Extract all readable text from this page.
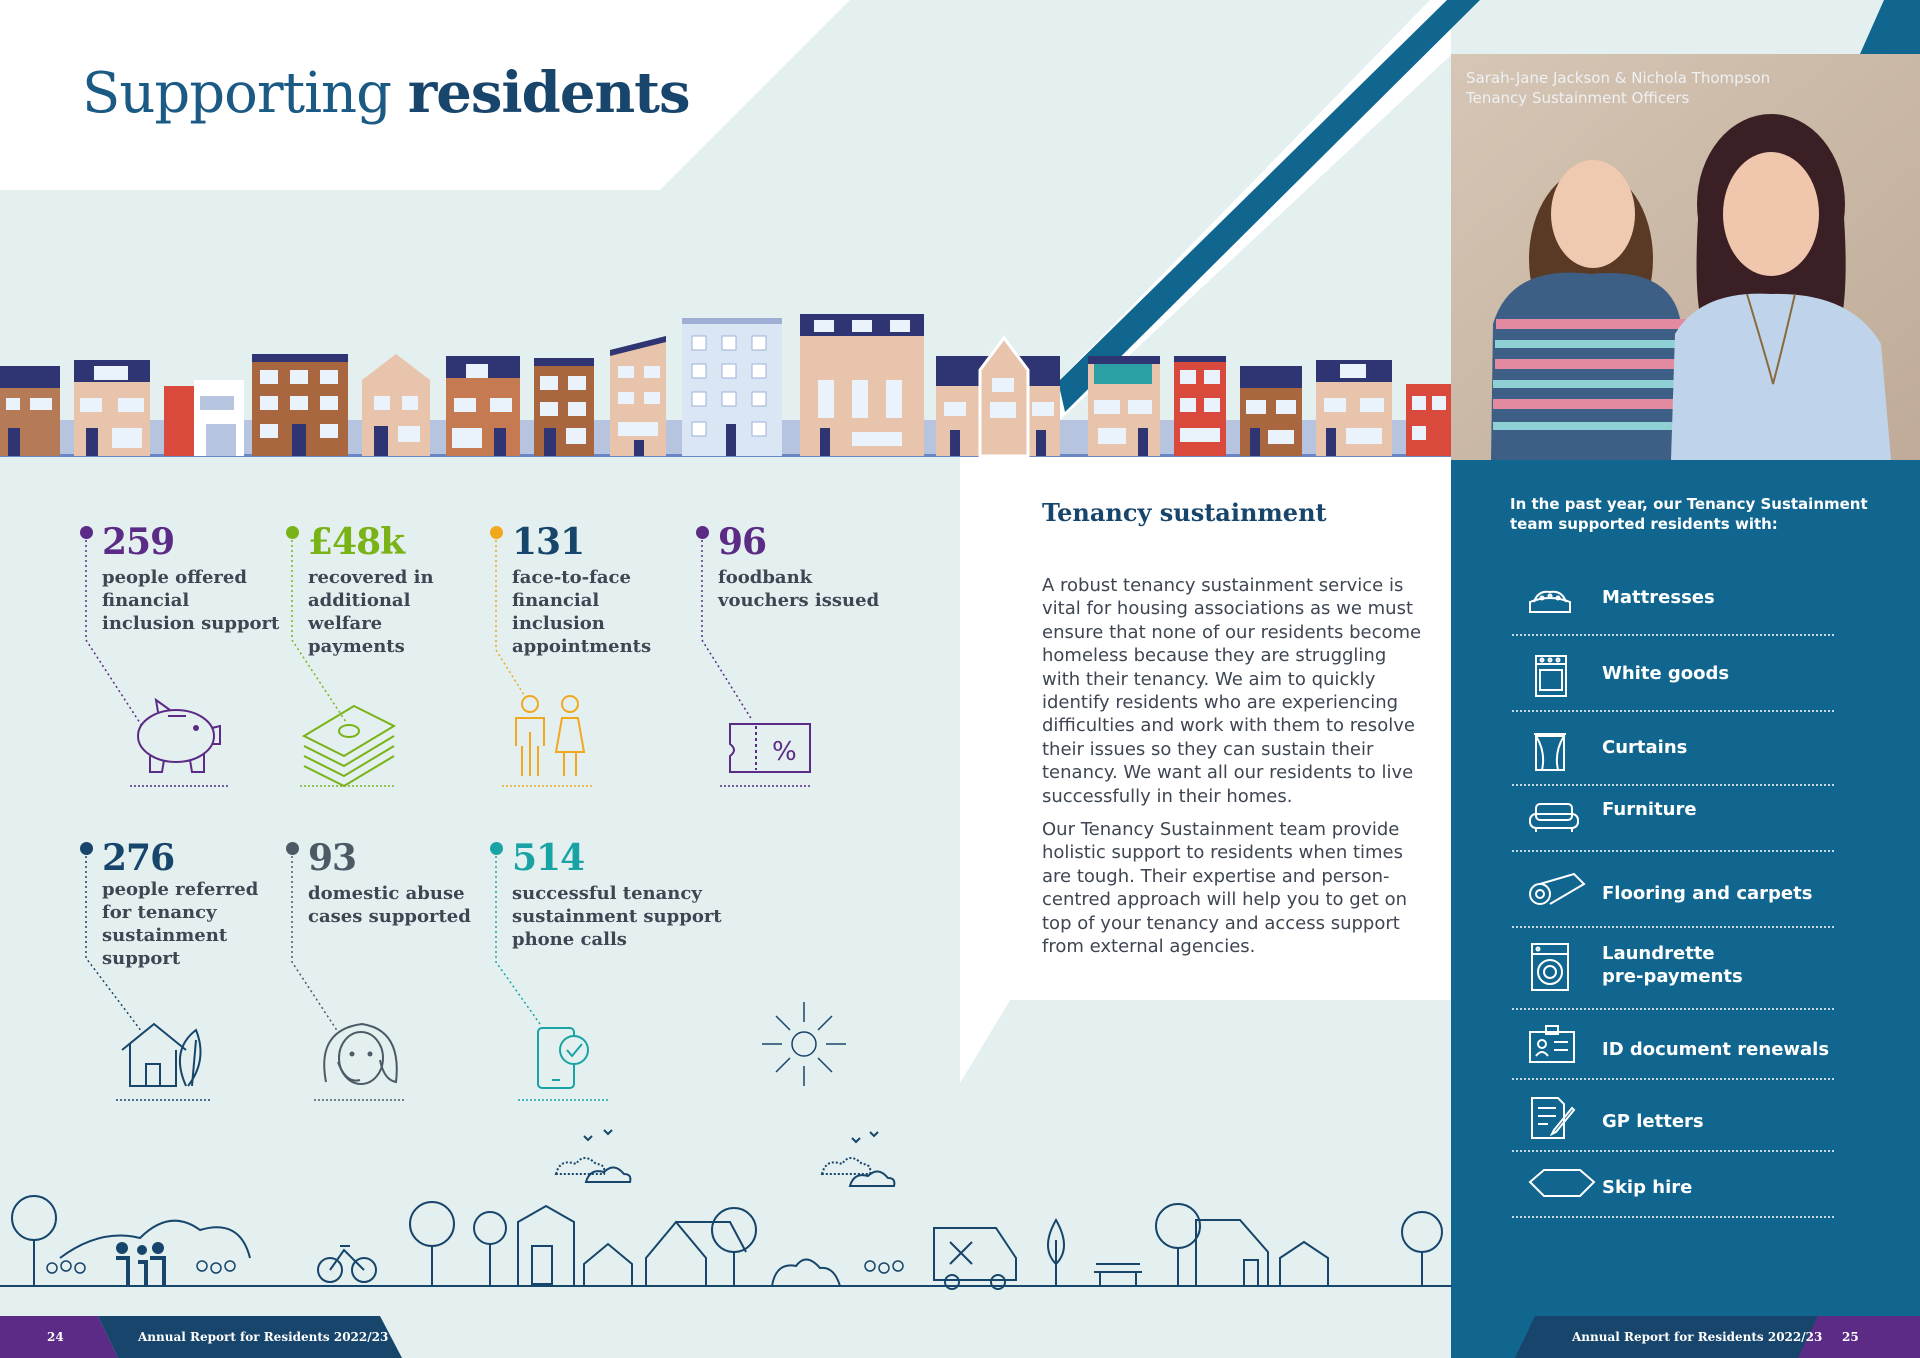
Supporting residents	Sarah-Jane Jackson & Nichola Thompson
Tenancy Sustainment Officers
259
people offered
financial
inclusion support
£48k
recovered in
additional
welfare
payments
131
face-to-face
financial
inclusion
appointments
96
foodbank
vouchers issued
276
people referred
for tenancy
sustainment
support
93
domestic abuse
cases supported
514
successful tenancy
sustainment support
phone calls
%
Tenancy sustainment

A robust tenancy sustainment service is vital for housing associations as we must ensure that none of our residents become homeless because they are struggling with their tenancy. We aim to quickly identify residents who are experiencing difficulties and work with them to resolve their issues so they can sustain their tenancy. We want all our residents to live successfully in their homes.

Our Tenancy Sustainment team provide holistic support to residents when times are tough. Their expertise and person-centred approach will help you to get on top of your tenancy and access support from external agencies.

In the past year, our Tenancy Sustainment team supported residents with:
Mattresses
White goods
Curtains
Furniture
Flooring and carpets
Laundrette
pre-payments
ID document renewals
GP letters
Skip hire
24	Annual Report for Residents 2022/23	Annual Report for Residents 2022/23 25
